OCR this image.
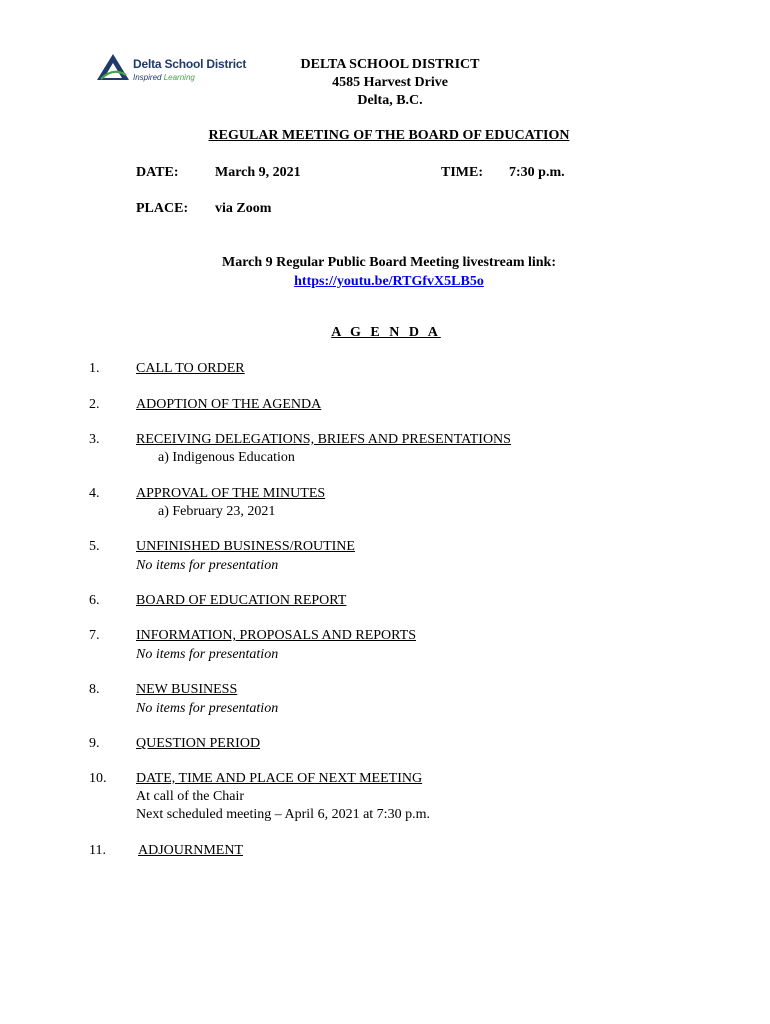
Delta School District
Inspired Learning
DELTA SCHOOL DISTRICT
4585 Harvest Drive
Delta, B.C.
REGULAR MEETING OF THE BOARD OF EDUCATION
DATE:	March 9, 2021	TIME: 7:30 p.m.
PLACE: via Zoom
March 9 Regular Public Board Meeting livestream link:
https://youtu.be/RTGfvX5LB5o
A G E N D A
1.	CALL TO ORDER
2.	ADOPTION OF THE AGENDA
3.	RECEIVING DELEGATIONS, BRIEFS AND PRESENTATIONS
a) Indigenous Education
4.	APPROVAL OF THE MINUTES
a) February 23, 2021
5.	UNFINISHED BUSINESS/ROUTINE
No items for presentation
6.	BOARD OF EDUCATION REPORT
7.	INFORMATION, PROPOSALS AND REPORTS
No items for presentation
8.	NEW BUSINESS
No items for presentation
9.	QUESTION PERIOD
10. DATE, TIME AND PLACE OF NEXT MEETING
At call of the Chair
Next scheduled meeting – April 6, 2021 at 7:30 p.m.
11. ADJOURNMENT
